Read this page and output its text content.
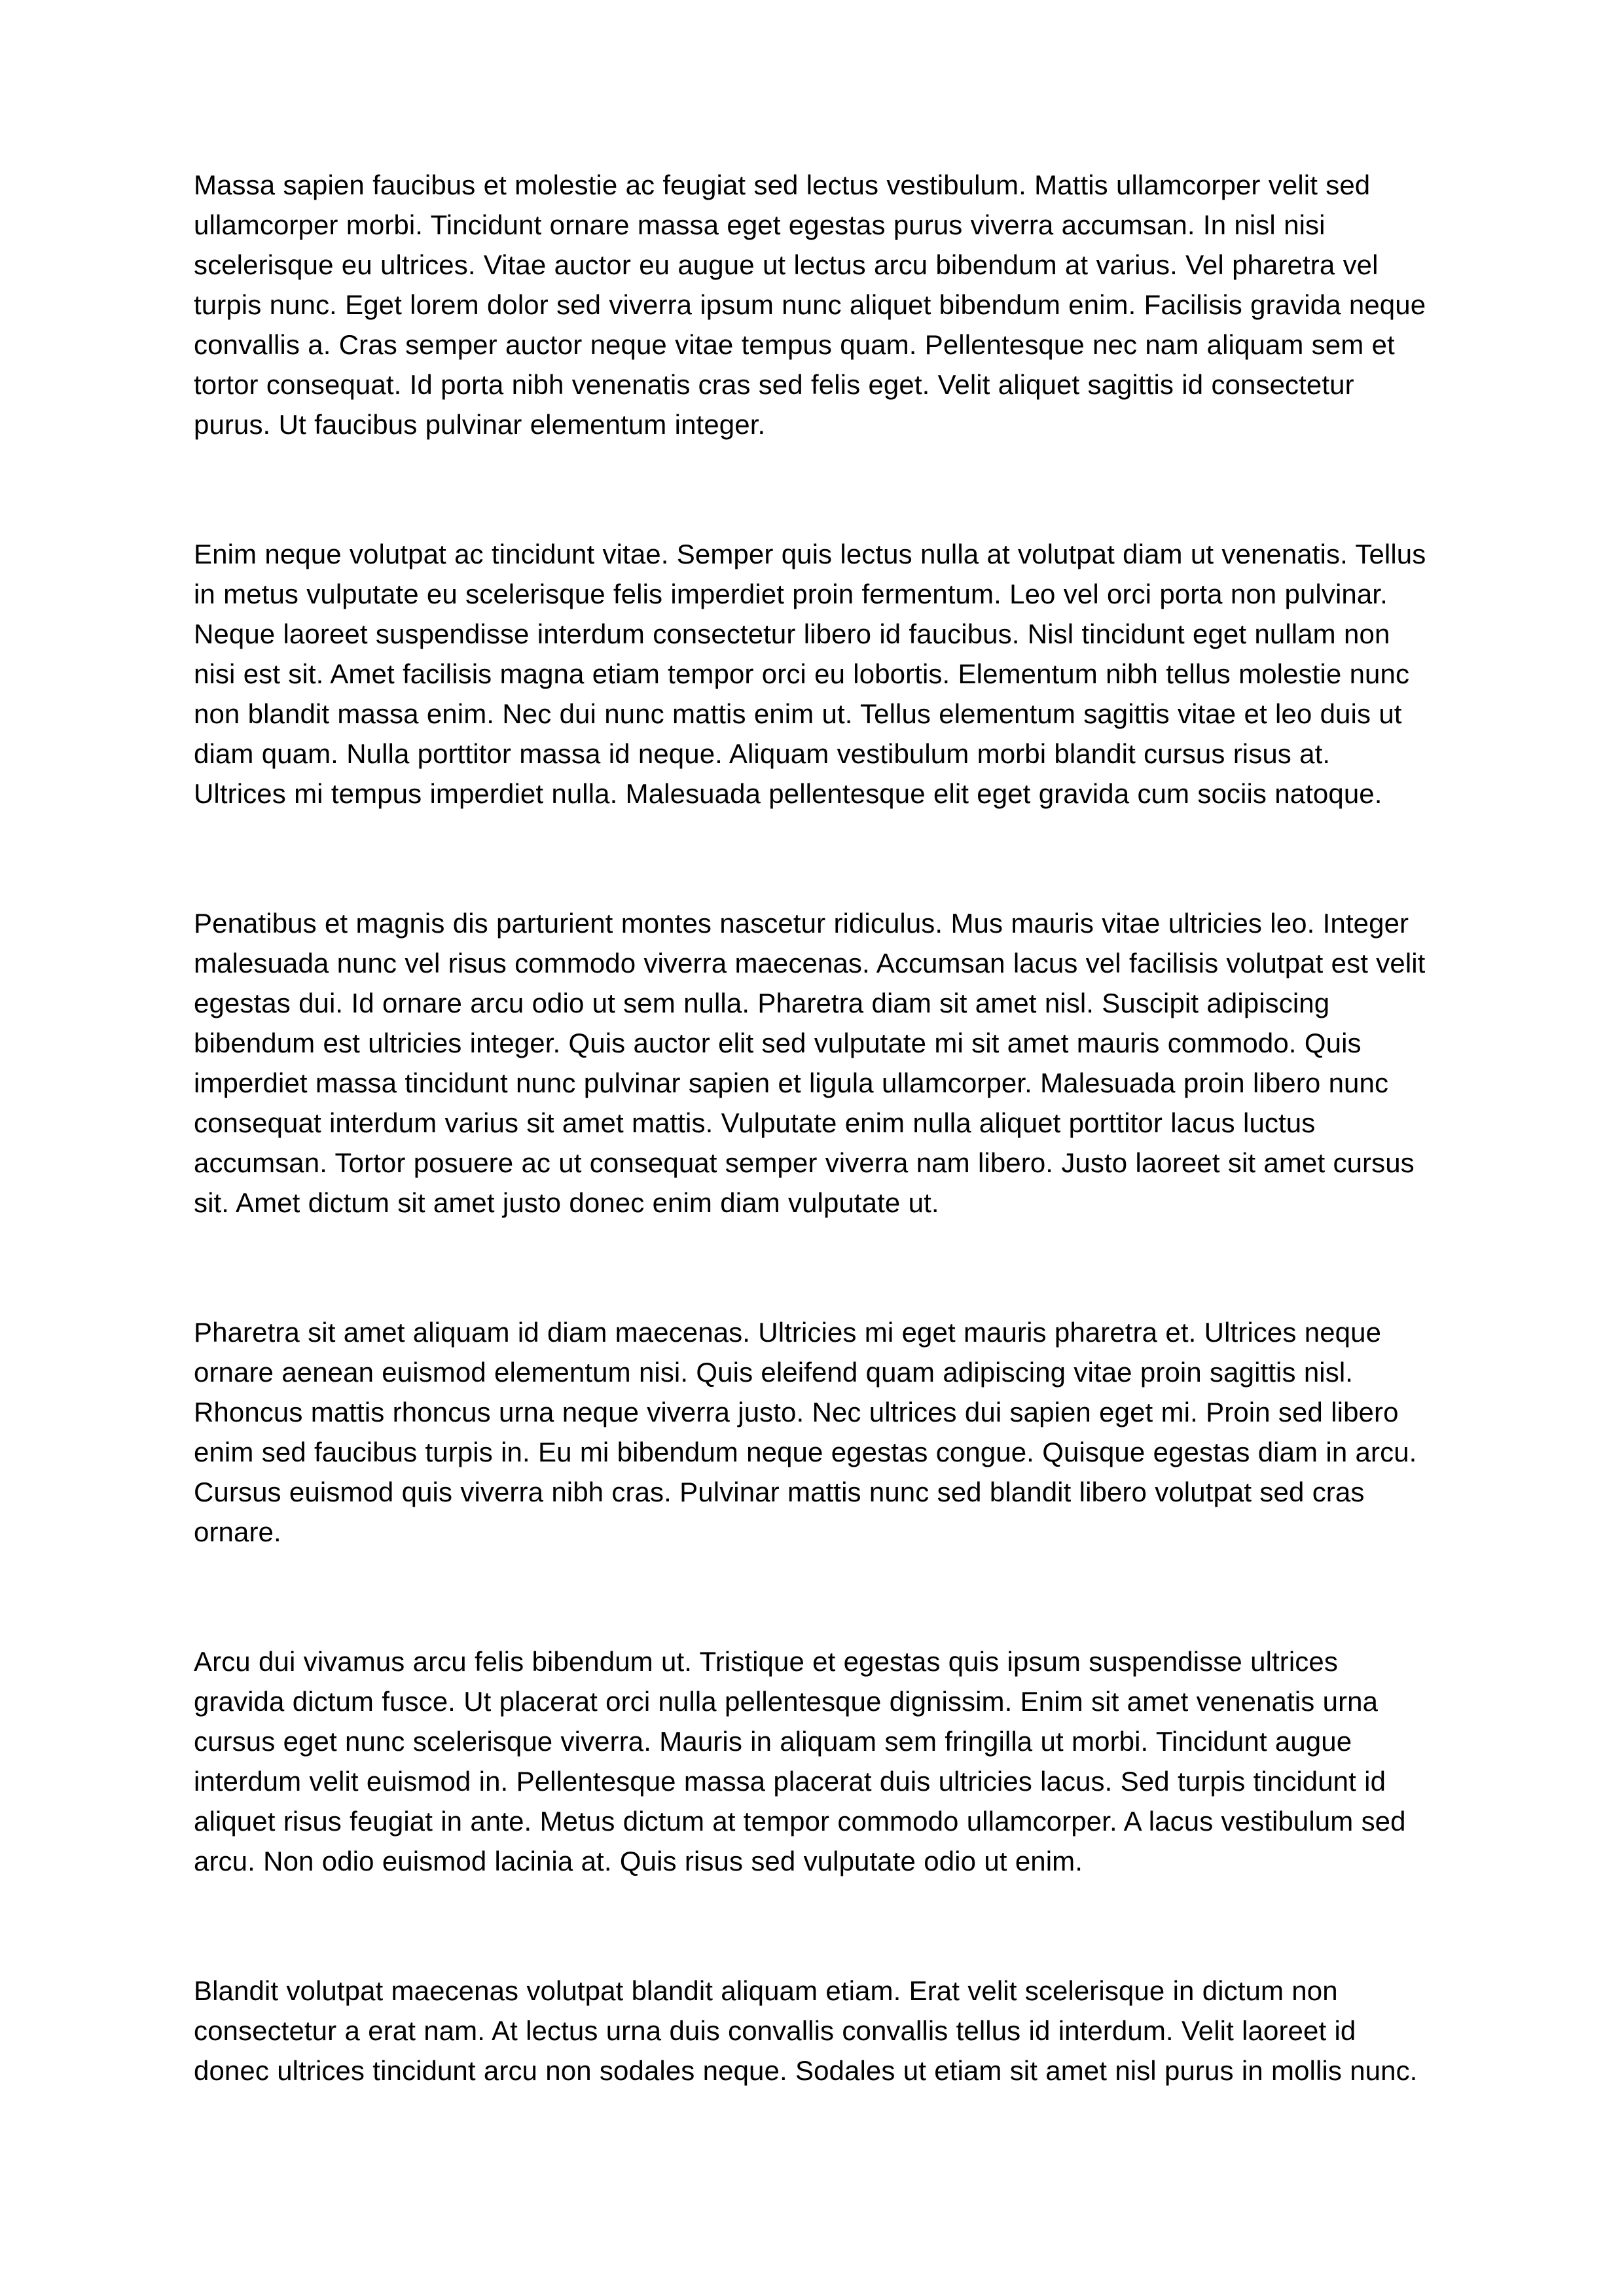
Massa sapien faucibus et molestie ac feugiat sed lectus vestibulum. Mattis ullamcorper velit sed ullamcorper morbi. Tincidunt ornare massa eget egestas purus viverra accumsan. In nisl nisi scelerisque eu ultrices. Vitae auctor eu augue ut lectus arcu bibendum at varius. Vel pharetra vel turpis nunc. Eget lorem dolor sed viverra ipsum nunc aliquet bibendum enim. Facilisis gravida neque convallis a. Cras semper auctor neque vitae tempus quam. Pellentesque nec nam aliquam sem et tortor consequat. Id porta nibh venenatis cras sed felis eget. Velit aliquet sagittis id consectetur purus. Ut faucibus pulvinar elementum integer.

Enim neque volutpat ac tincidunt vitae. Semper quis lectus nulla at volutpat diam ut venenatis. Tellus in metus vulputate eu scelerisque felis imperdiet proin fermentum. Leo vel orci porta non pulvinar. Neque laoreet suspendisse interdum consectetur libero id faucibus. Nisl tincidunt eget nullam non nisi est sit. Amet facilisis magna etiam tempor orci eu lobortis. Elementum nibh tellus molestie nunc non blandit massa enim. Nec dui nunc mattis enim ut. Tellus elementum sagittis vitae et leo duis ut diam quam. Nulla porttitor massa id neque. Aliquam vestibulum morbi blandit cursus risus at. Ultrices mi tempus imperdiet nulla. Malesuada pellentesque elit eget gravida cum sociis natoque.

Penatibus et magnis dis parturient montes nascetur ridiculus. Mus mauris vitae ultricies leo. Integer malesuada nunc vel risus commodo viverra maecenas. Accumsan lacus vel facilisis volutpat est velit egestas dui. Id ornare arcu odio ut sem nulla. Pharetra diam sit amet nisl. Suscipit adipiscing bibendum est ultricies integer. Quis auctor elit sed vulputate mi sit amet mauris commodo. Quis imperdiet massa tincidunt nunc pulvinar sapien et ligula ullamcorper. Malesuada proin libero nunc consequat interdum varius sit amet mattis. Vulputate enim nulla aliquet porttitor lacus luctus accumsan. Tortor posuere ac ut consequat semper viverra nam libero. Justo laoreet sit amet cursus sit. Amet dictum sit amet justo donec enim diam vulputate ut.

Pharetra sit amet aliquam id diam maecenas. Ultricies mi eget mauris pharetra et. Ultrices neque ornare aenean euismod elementum nisi. Quis eleifend quam adipiscing vitae proin sagittis nisl. Rhoncus mattis rhoncus urna neque viverra justo. Nec ultrices dui sapien eget mi. Proin sed libero enim sed faucibus turpis in. Eu mi bibendum neque egestas congue. Quisque egestas diam in arcu. Cursus euismod quis viverra nibh cras. Pulvinar mattis nunc sed blandit libero volutpat sed cras ornare.

Arcu dui vivamus arcu felis bibendum ut. Tristique et egestas quis ipsum suspendisse ultrices gravida dictum fusce. Ut placerat orci nulla pellentesque dignissim. Enim sit amet venenatis urna cursus eget nunc scelerisque viverra. Mauris in aliquam sem fringilla ut morbi. Tincidunt augue interdum velit euismod in. Pellentesque massa placerat duis ultricies lacus. Sed turpis tincidunt id aliquet risus feugiat in ante. Metus dictum at tempor commodo ullamcorper. A lacus vestibulum sed arcu. Non odio euismod lacinia at. Quis risus sed vulputate odio ut enim.

Blandit volutpat maecenas volutpat blandit aliquam etiam. Erat velit scelerisque in dictum non consectetur a erat nam. At lectus urna duis convallis convallis tellus id interdum. Velit laoreet id donec ultrices tincidunt arcu non sodales neque. Sodales ut etiam sit amet nisl purus in mollis nunc.
